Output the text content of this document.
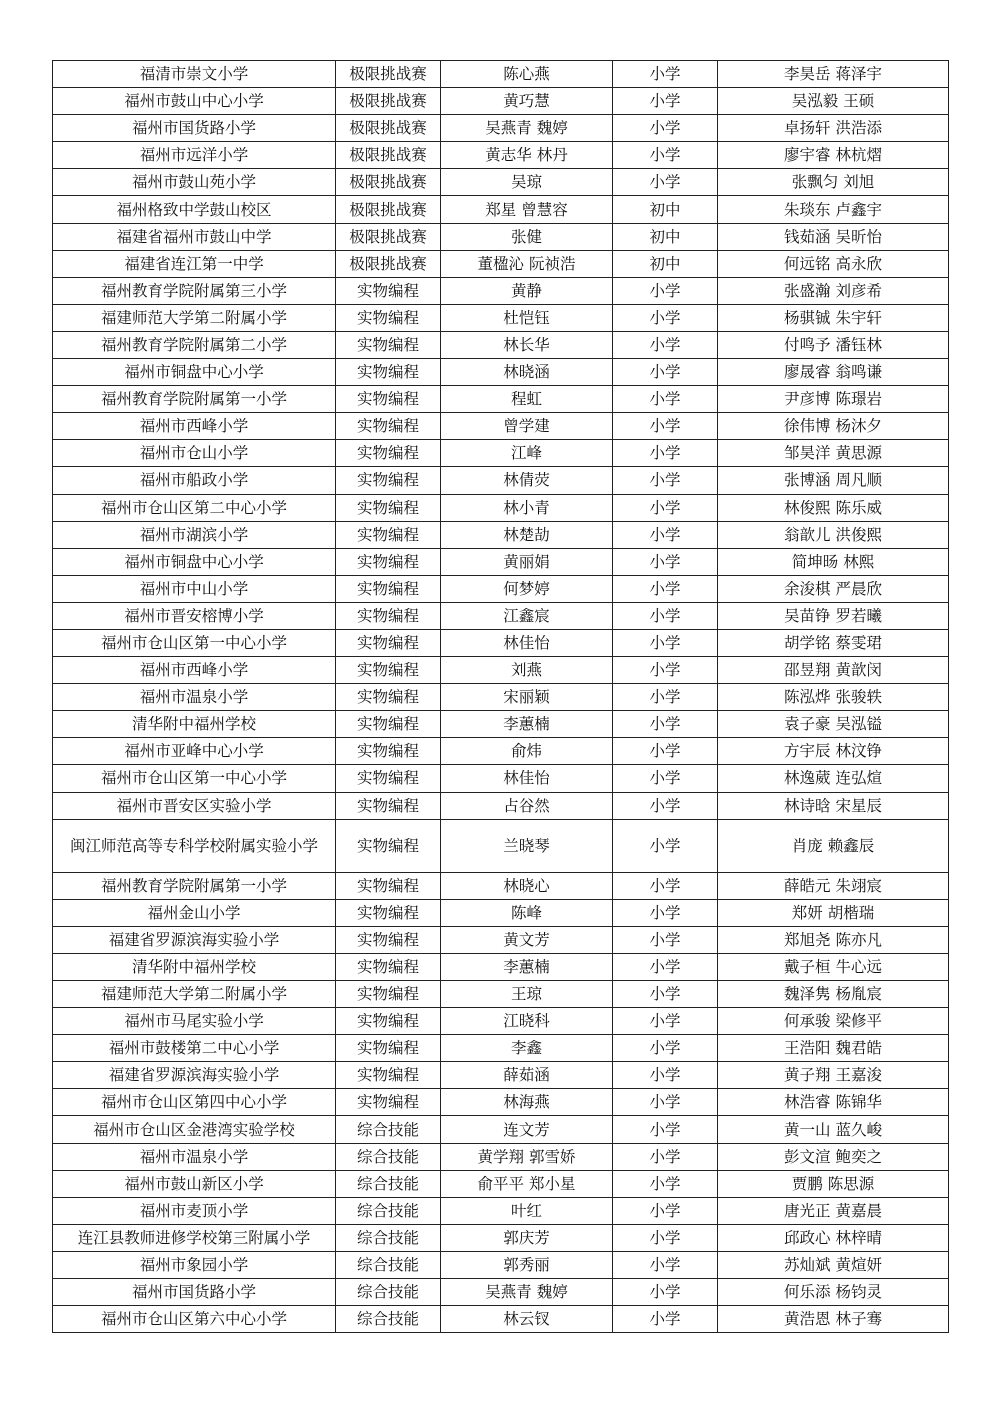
福清市崇文小学	极限挑战赛	陈心燕	小学	李昊岳 蒋泽宇
福州市鼓山中心小学	极限挑战赛	黄巧慧	小学	吴泓毅 王硕
福州市国货路小学	极限挑战赛	吴燕青 魏婷	小学	卓扬轩 洪浩添
福州市远洋小学	极限挑战赛	黄志华 林丹	小学	廖宇睿 林杭熠
福州市鼓山苑小学	极限挑战赛	吴琼	小学	张飘匀 刘旭
福州格致中学鼓山校区	极限挑战赛	郑星 曾慧容	初中	朱琰东 卢鑫宇
福建省福州市鼓山中学	极限挑战赛	张健	初中	钱茹涵 吴昕怡
福建省连江第一中学	极限挑战赛	董楹沁 阮祯浩	初中	何远铭 高永欣
福州教育学院附属第三小学	实物编程	黄静	小学	张盛瀚 刘彦希
福建师范大学第二附属小学	实物编程	杜恺钰	小学	杨骐铖 朱宇轩
福州教育学院附属第二小学	实物编程	林长华	小学	付鸣予 潘钰林
福州市铜盘中心小学	实物编程	林晓涵	小学	廖晟睿 翁鸣谦
福州教育学院附属第一小学	实物编程	程虹	小学	尹彦博 陈璟岩
福州市西峰小学	实物编程	曾学建	小学	徐伟博 杨沐夕
福州市仓山小学	实物编程	江峰	小学	邹昊洋 黄思源
福州市船政小学	实物编程	林倩荧	小学	张博涵 周凡顺
福州市仓山区第二中心小学	实物编程	林小青	小学	林俊熙 陈乐威
福州市湖滨小学	实物编程	林楚劼	小学	翁歆儿 洪俊熙
福州市铜盘中心小学	实物编程	黄丽娟	小学	简坤旸 林熙
福州市中山小学	实物编程	何梦婷	小学	余浚棋 严晨欣
福州市晋安榕博小学	实物编程	江鑫宸	小学	吴苗铮 罗若曦
福州市仓山区第一中心小学	实物编程	林佳怡	小学	胡学铭 蔡雯珺
福州市西峰小学	实物编程	刘燕	小学	邵昱翔 黄歆闵
福州市温泉小学	实物编程	宋丽颖	小学	陈泓烨 张骏轶
清华附中福州学校	实物编程	李蕙楠	小学	袁子豪 吴泓镒
福州市亚峰中心小学	实物编程	俞炜	小学	方宇辰 林汶铮
福州市仓山区第一中心小学	实物编程	林佳怡	小学	林逸葳 连弘煊
福州市晋安区实验小学	实物编程	占谷然	小学	林诗晗 宋星辰
闽江师范高等专科学校附属实验小学	实物编程	兰晓琴	小学	肖庞 赖鑫辰
福州教育学院附属第一小学	实物编程	林晓心	小学	薛皓元 朱翊宸
福州金山小学	实物编程	陈峰	小学	郑妍 胡楷瑞
福建省罗源滨海实验小学	实物编程	黄文芳	小学	郑旭尧 陈亦凡
清华附中福州学校	实物编程	李蕙楠	小学	戴子桓 牛心远
福建师范大学第二附属小学	实物编程	王琼	小学	魏泽隽 杨胤宸
福州市马尾实验小学	实物编程	江晓科	小学	何承骏 梁修平
福州市鼓楼第二中心小学	实物编程	李鑫	小学	王浩阳 魏君皓
福建省罗源滨海实验小学	实物编程	薛茹涵	小学	黄子翔 王嘉浚
福州市仓山区第四中心小学	实物编程	林海燕	小学	林浩睿 陈锦华
福州市仓山区金港湾实验学校	综合技能	连文芳	小学	黄一山 蓝久峻
福州市温泉小学	综合技能	黄学翔 郭雪娇	小学	彭文渲 鲍奕之
福州市鼓山新区小学	综合技能	俞平平 郑小星	小学	贾鹏 陈思源
福州市麦顶小学	综合技能	叶红	小学	唐光正 黄嘉晨
连江县教师进修学校第三附属小学	综合技能	郭庆芳	小学	邱政心 林梓晴
福州市象园小学	综合技能	郭秀丽	小学	苏灿斌 黄煊妍
福州市国货路小学	综合技能	吴燕青 魏婷	小学	何乐添 杨钧灵
福州市仓山区第六中心小学	综合技能	林云钗	小学	黄浩恩 林子骞
